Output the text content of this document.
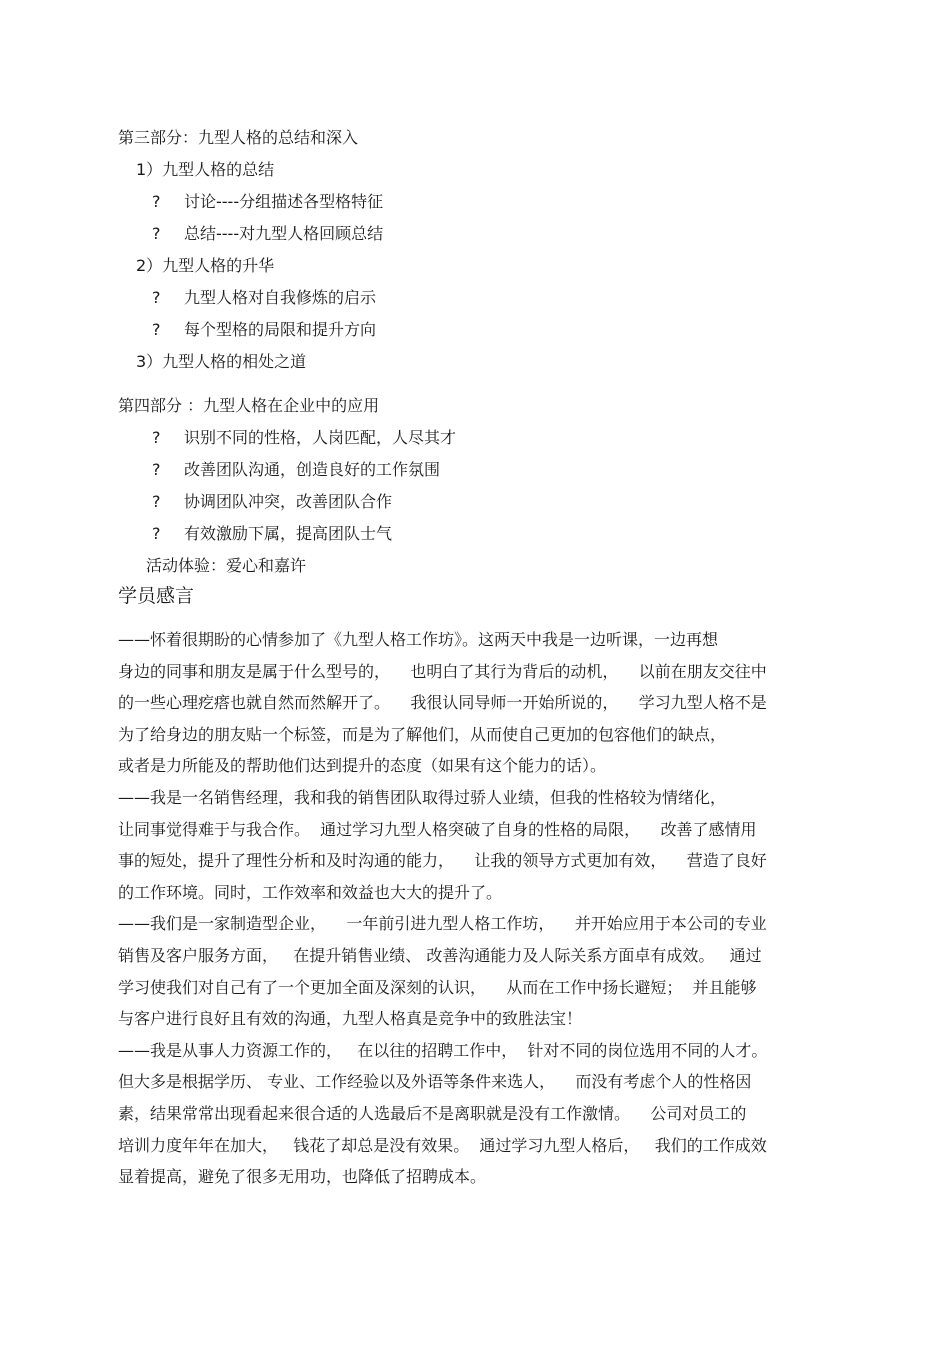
第三部分：九型人格的总结和深入
1）九型人格的总结
? 讨论----分组描述各型格特征
? 总结----对九型人格回顾总结
2）九型人格的升华
? 九型人格对自我修炼的启示
? 每个型格的局限和提升方向
3）九型人格的相处之道
第四部分 ：九型人格在企业中的应用
? 识别不同的性格，人岗匹配，人尽其才
? 改善团队沟通，创造良好的工作氛围
? 协调团队冲突，改善团队合作
? 有效激励下属，提高团队士气
活动体验：爱心和嘉许
学员感言
——怀着很期盼的心情参加了《九型人格工作坊》。这两天中我是一边听课，一边再想
身边的同事和朋友是属于什么型号的，    也明白了其行为背后的动机，    以前在朋友交往中
的一些心理疙瘩也就自然而然解开了。    我很认同导师一开始所说的，    学习九型人格不是
为了给身边的朋友贴一个标签，而是为了解他们，从而使自己更加的包容他们的缺点，
或者是力所能及的帮助他们达到提升的态度（如果有这个能力的话）。
——我是一名销售经理，我和我的销售团队取得过骄人业绩，但我的性格较为情绪化，
让同事觉得难于与我合作。  通过学习九型人格突破了自身的性格的局限，    改善了感情用
事的短处，提升了理性分析和及时沟通的能力，    让我的领导方式更加有效，    营造了良好
的工作环境。同时，工作效率和效益也大大的提升了。
——我们是一家制造型企业，    一年前引进九型人格工作坊，    并开始应用于本公司的专业
销售及客户服务方面，   在提升销售业绩、 改善沟通能力及人际关系方面卓有成效。   通过
学习使我们对自己有了一个更加全面及深刻的认识，    从而在工作中扬长避短；  并且能够
与客户进行良好且有效的沟通，九型人格真是竞争中的致胜法宝！
——我是从事人力资源工作的，   在以往的招聘工作中，  针对不同的岗位选用不同的人才。
但大多是根据学历、 专业、工作经验以及外语等条件来选人，    而没有考虑个人的性格因
素，结果常常出现看起来很合适的人选最后不是离职就是没有工作激情。    公司对员工的
培训力度年年在加大，   钱花了却总是没有效果。  通过学习九型人格后，   我们的工作成效
显着提高，避免了很多无用功，也降低了招聘成本。
